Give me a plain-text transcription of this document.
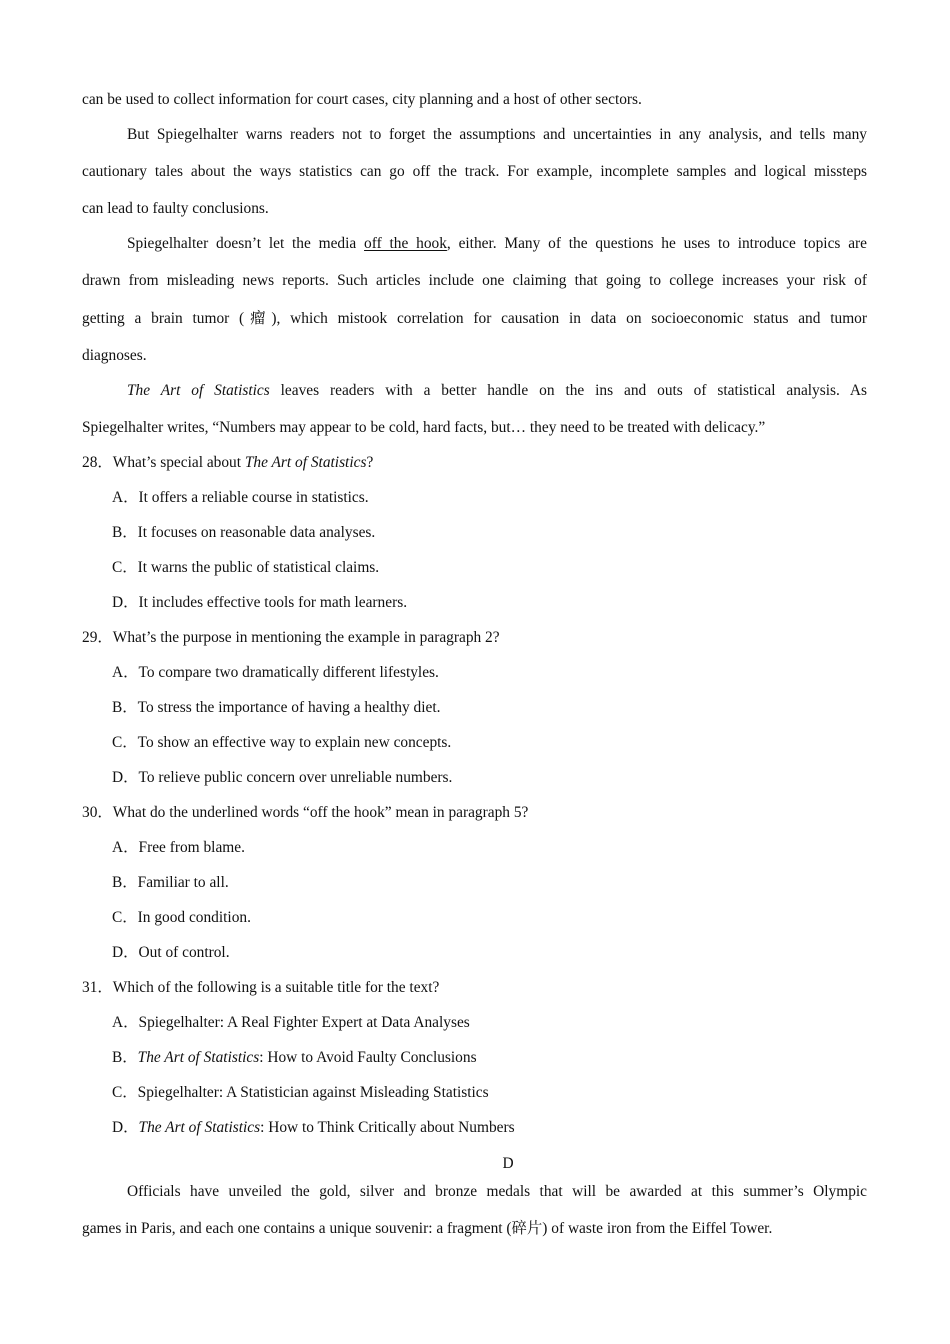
can be used to collect information for court cases, city planning and a host of other sectors.
But Spiegelhalter warns readers not to forget the assumptions and uncertainties in any analysis, and tells many
cautionary tales about the ways statistics can go off the track. For example, incomplete samples and logical missteps
can lead to faulty conclusions.
Spiegelhalter doesn’t let the media off the hook, either. Many of the questions he uses to introduce topics are
drawn from misleading news reports. Such articles include one claiming that going to college increases your risk of
getting a brain tumor (瘤), which mistook correlation for causation in data on socioeconomic status and tumor
diagnoses.
The Art of Statistics leaves readers with a better handle on the ins and outs of statistical analysis. As
Spiegelhalter writes, “Numbers may appear to be cold, hard facts, but… they need to be treated with delicacy.”
28．What’s special about The Art of Statistics?
A．It offers a reliable course in statistics.
B．It focuses on reasonable data analyses.
C．It warns the public of statistical claims.
D．It includes effective tools for math learners.
29．What’s the purpose in mentioning the example in paragraph 2?
A．To compare two dramatically different lifestyles.
B．To stress the importance of having a healthy diet.
C．To show an effective way to explain new concepts.
D．To relieve public concern over unreliable numbers.
30．What do the underlined words “off the hook” mean in paragraph 5?
A．Free from blame.
B．Familiar to all.
C．In good condition.
D．Out of control.
31．Which of the following is a suitable title for the text?
A．Spiegelhalter: A Real Fighter Expert at Data Analyses
B．The Art of Statistics: How to Avoid Faulty Conclusions
C．Spiegelhalter: A Statistician against Misleading Statistics
D．The Art of Statistics: How to Think Critically about Numbers
D
Officials have unveiled the gold, silver and bronze medals that will be awarded at this summer’s Olympic
games in Paris, and each one contains a unique souvenir: a fragment (碎片) of waste iron from the Eiffel Tower.
